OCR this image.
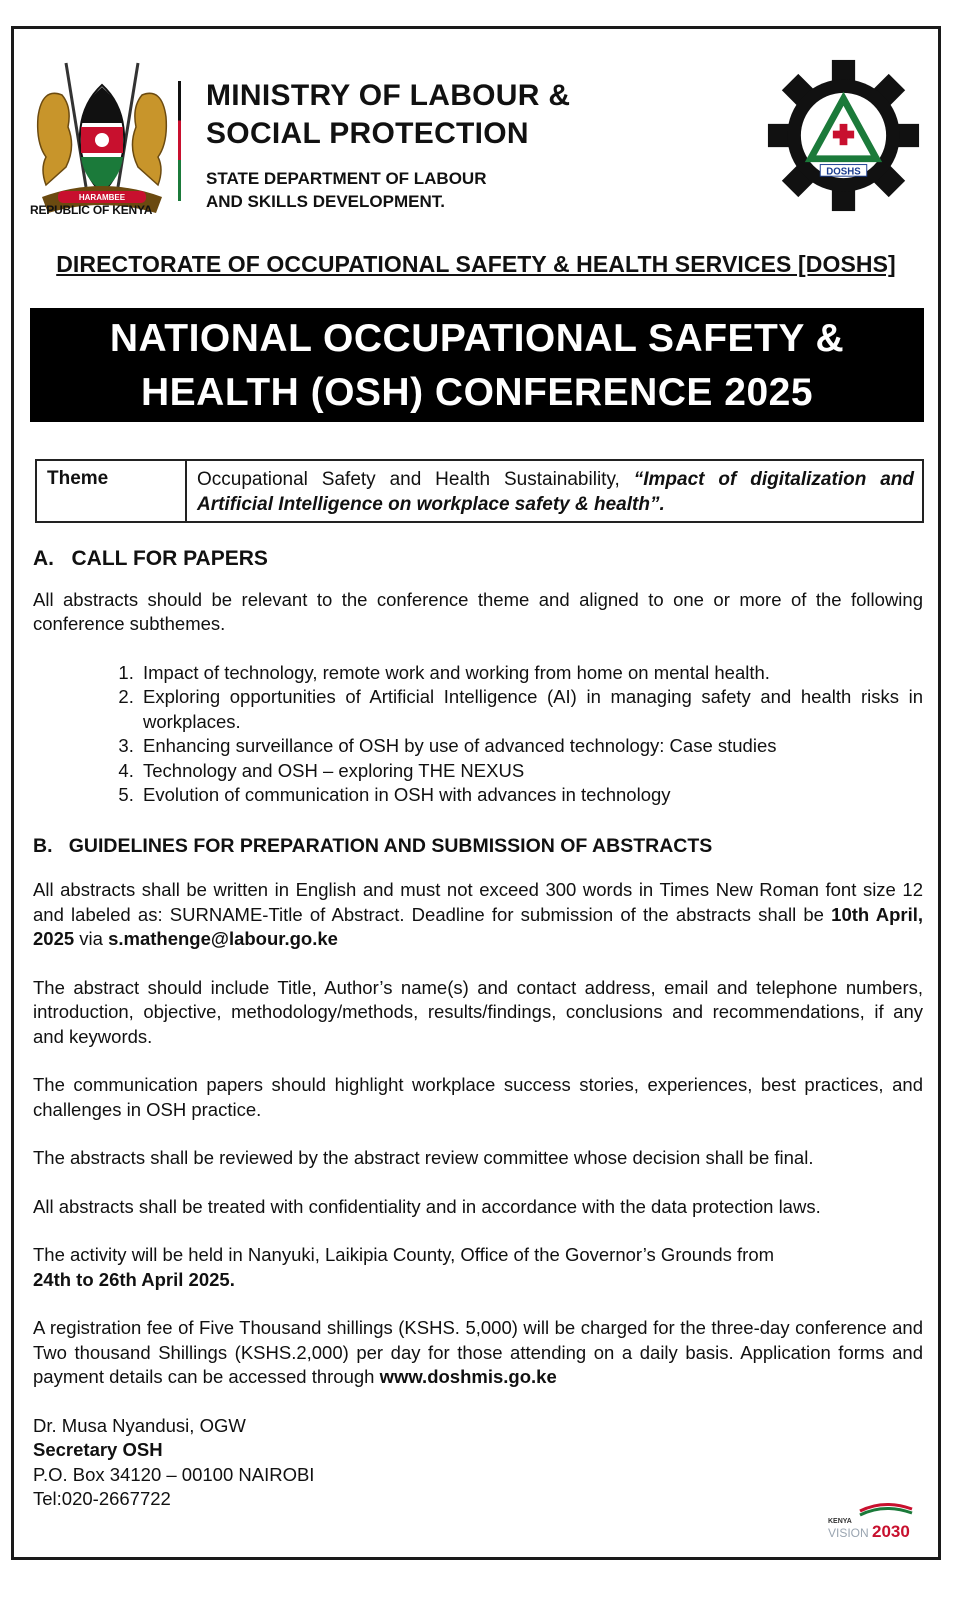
HARAMBEE
REPUBLIC OF KENYA
MINISTRY OF LABOUR &
SOCIAL PROTECTION
STATE DEPARTMENT OF LABOUR
AND SKILLS DEVELOPMENT.
DOSHS
DIRECTORATE OF OCCUPATIONAL SAFETY & HEALTH SERVICES [DOSHS]
NATIONAL OCCUPATIONAL SAFETY &
HEALTH (OSH) CONFERENCE 2025
Theme	Occupational Safety and Health Sustainability, “Impact of digitalization and Artificial Intelligence on workplace safety & health”.
A.   CALL FOR PAPERS

All abstracts should be relevant to the conference theme and aligned to one or more of the following conference subthemes.

1. Impact of technology, remote work and working from home on mental health.
2. Exploring opportunities of Artificial Intelligence (AI) in managing safety and health risks in workplaces.
3. Enhancing surveillance of OSH by use of advanced technology: Case studies
4. Technology and OSH – exploring THE NEXUS
5. Evolution of communication in OSH with advances in technology
B.   GUIDELINES FOR PREPARATION AND SUBMISSION OF ABSTRACTS

All abstracts shall be written in English and must not exceed 300 words in Times New Roman font size 12 and labeled as: SURNAME-Title of Abstract. Deadline for submission of the abstracts shall be 10th April, 2025 via s.mathenge@labour.go.ke

The abstract should include Title, Author’s name(s) and contact address, email and telephone numbers, introduction, objective, methodology/methods, results/findings, conclusions and recommendations, if any and keywords.

The communication papers should highlight workplace success stories, experiences, best practices, and challenges in OSH practice.

The abstracts shall be reviewed by the abstract review committee whose decision shall be final.

All abstracts shall be treated with confidentiality and in accordance with the data protection laws.

The activity will be held in Nanyuki, Laikipia County, Office of the Governor’s Grounds from
24th to 26th April 2025.

A registration fee of Five Thousand shillings (KSHS. 5,000) will be charged for the three-day conference and Two thousand Shillings (KSHS.2,000) per day for those attending on a daily basis. Application forms and payment details can be accessed through www.doshmis.go.ke

Dr. Musa Nyandusi, OGW
Secretary OSH
P.O. Box 34120 – 00100 NAIROBI
Tel:020-2667722
KENYA
VISION 2030
